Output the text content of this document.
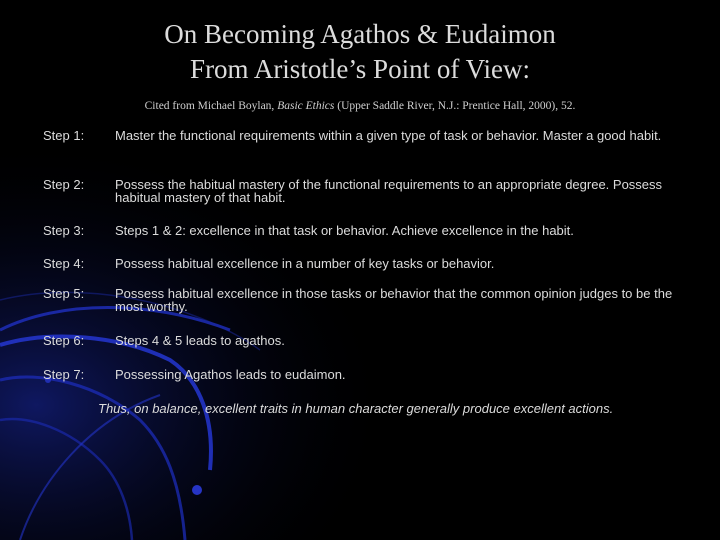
On Becoming Agathos & Eudaimon
From Aristotle’s Point of View:
Cited from Michael Boylan, Basic Ethics (Upper Saddle River, N.J.: Prentice Hall, 2000), 52.
Step 1: Master the functional requirements within a given type of task or behavior. Master a good habit.
Step 2: Possess the habitual mastery of the functional requirements to an appropriate degree. Possess habitual mastery of that habit.
Step 3: Steps 1 & 2: excellence in that task or behavior. Achieve excellence in the habit.
Step 4: Possess habitual excellence in a number of key tasks or behavior.
Step 5: Possess habitual excellence in those tasks or behavior that the common opinion judges to be the most worthy.
Step 6: Steps 4 & 5 leads to agathos.
Step 7: Possessing Agathos leads to eudaimon.
Thus, on balance, excellent traits in human character generally produce excellent actions.
